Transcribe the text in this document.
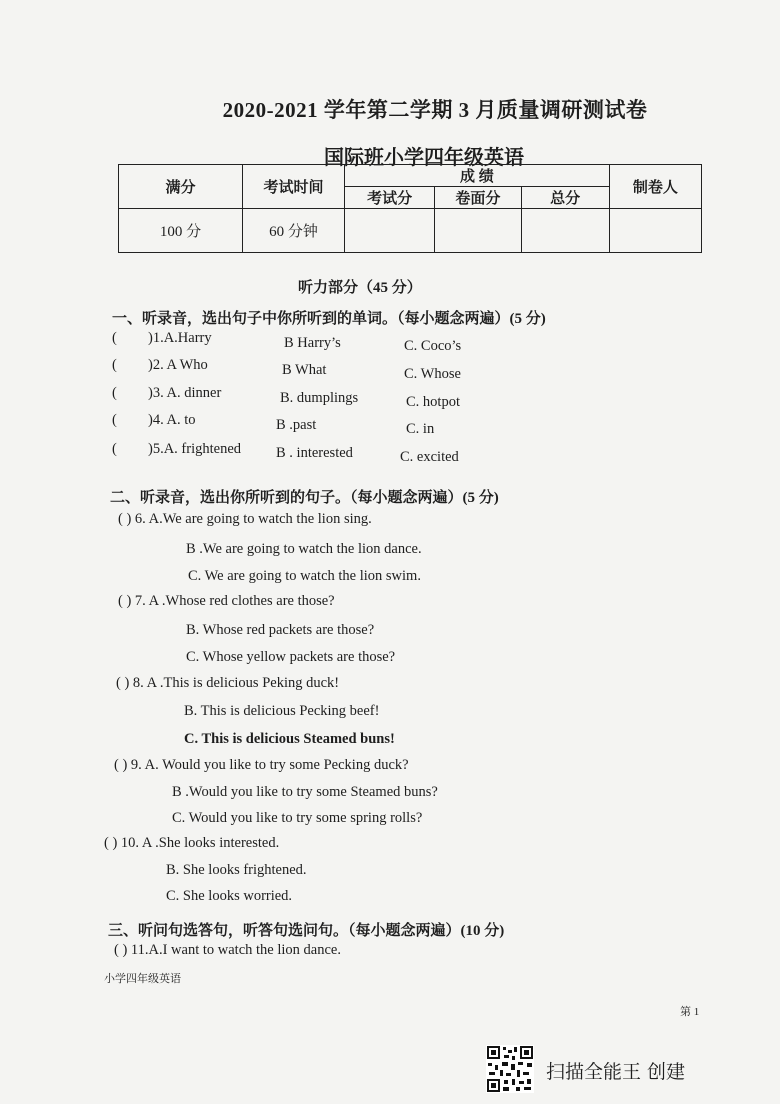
2020-2021 学年第二学期 3 月质量调研测试卷
国际班小学四年级英语
满分	考试时间	成 绩			制卷人
		考试分	卷面分	总分	
100 分	60 分钟				
听力部分（45 分）
一、听录音，选出句子中你所听到的单词。（每小题念两遍）(5 分)
( )1.A.Harry	B Harry’s	C. Coco’s
( )2. A Who	B What	C. Whose
( )3. A. dinner	B. dumplings	C. hotpot
( )4. A. to	B .past	C. in
( )5.A. frightened B . interested	C. excited
二、听录音，选出你所听到的句子。（每小题念两遍）(5 分)
( ) 6. A.We are going to watch the lion sing.
B .We are going to watch the lion dance.
C. We are going to watch the lion swim.
( ) 7. A .Whose red clothes are those?
B. Whose red packets are those?
C. Whose yellow packets are those?
( ) 8. A .This is delicious Peking duck!
B. This is delicious Pecking beef!
C. This is delicious Steamed buns!
( ) 9. A. Would you like to try some Pecking duck?
B .Would you like to try some Steamed buns?
C. Would you like to try some spring rolls?
( ) 10. A .She looks interested.
B. She looks frightened.
C. She looks worried.
三、听问句选答句，听答句选问句。（每小题念两遍）(10 分)
( ) 11.A.I want to watch the lion dance.
小学四年级英语
第 1
扫描全能王 创建
